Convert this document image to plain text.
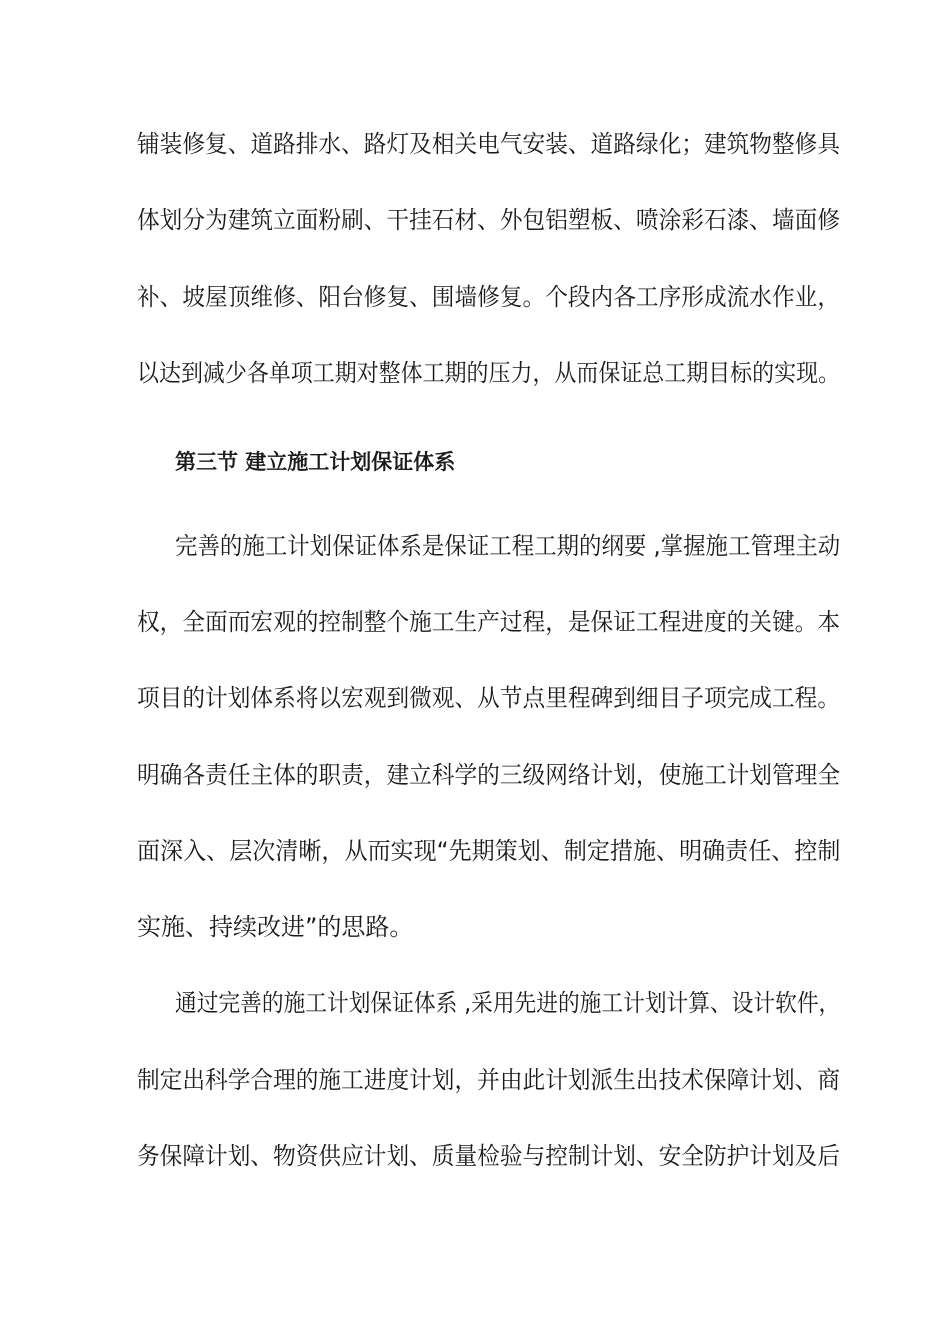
铺装修复、道路排水、路灯及相关电气安装、道路绿化；建筑物整修具
体划分为建筑立面粉刷、干挂石材、外包铝塑板、喷涂彩石漆、墙面修
补、坡屋顶维修、阳台修复、围墙修复。个段内各工序形成流水作业，
以达到减少各单项工期对整体工期的压力，从而保证总工期目标的实现。
第三节 建立施工计划保证体系
完善的施工计划保证体系是保证工程工期的纲要 ,掌握施工管理主动
权，全面而宏观的控制整个施工生产过程，是保证工程进度的关键。本
项目的计划体系将以宏观到微观、从节点里程碑到细目子项完成工程。
明确各责任主体的职责，建立科学的三级网络计划，使施工计划管理全
面深入、层次清晰，从而实现“先期策划、制定措施、明确责任、控制
实施、持续改进”的思路。
通过完善的施工计划保证体系 ,采用先进的施工计划计算、设计软件，
制定出科学合理的施工进度计划，并由此计划派生出技术保障计划、商
务保障计划、物资供应计划、质量检验与控制计划、安全防护计划及后
